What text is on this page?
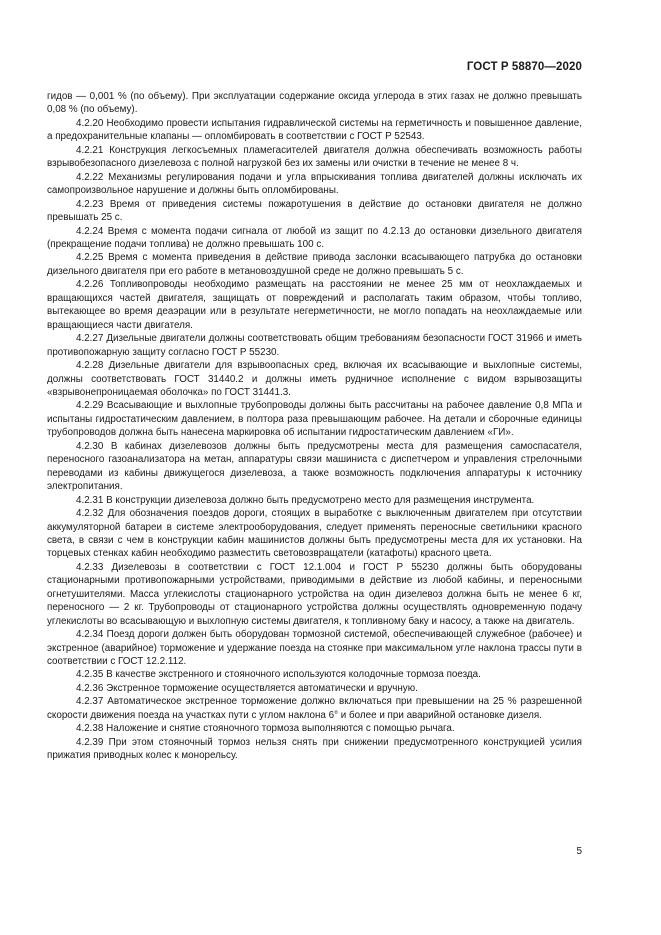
ГОСТ Р 58870—2020

гидов — 0,001 % (по объему). При эксплуатации содержание оксида углерода в этих газах не должно превышать 0,08 % (по объему).

4.2.20 Необходимо провести испытания гидравлической системы на герметичность и повышенное давление, а предохранительные клапаны — опломбировать в соответствии с ГОСТ Р 52543.

4.2.21 Конструкция легкосъемных пламегасителей двигателя должна обеспечивать возможность работы взрывобезопасного дизелевоза с полной нагрузкой без их замены или очистки в течение не менее 8 ч.

4.2.22 Механизмы регулирования подачи и угла впрыскивания топлива двигателей должны исключать их самопроизвольное нарушение и должны быть опломбированы.

4.2.23 Время от приведения системы пожаротушения в действие до остановки двигателя не должно превышать 25 с.

4.2.24 Время с момента подачи сигнала от любой из защит по 4.2.13 до остановки дизельного двигателя (прекращение подачи топлива) не должно превышать 100 с.

4.2.25 Время с момента приведения в действие привода заслонки всасывающего патрубка до остановки дизельного двигателя при его работе в метановоздушной среде не должно превышать 5 с.

4.2.26 Топливопроводы необходимо размещать на расстоянии не менее 25 мм от неохлаждаемых и вращающихся частей двигателя, защищать от повреждений и располагать таким образом, чтобы топливо, вытекающее во время деаэрации или в результате негерметичности, не могло попадать на неохлаждаемые или вращающиеся части двигателя.

4.2.27 Дизельные двигатели должны соответствовать общим требованиям безопасности ГОСТ 31966 и иметь противопожарную защиту согласно ГОСТ Р 55230.

4.2.28 Дизельные двигатели для взрывоопасных сред, включая их всасывающие и выхлопные системы, должны соответствовать ГОСТ 31440.2 и должны иметь рудничное исполнение с видом взрывозащиты «взрывонепроницаемая оболочка» по ГОСТ 31441.3.

4.2.29 Всасывающие и выхлопные трубопроводы должны быть рассчитаны на рабочее давление 0,8 МПа и испытаны гидростатическим давлением, в полтора раза превышающим рабочее. На детали и сборочные единицы трубопроводов должна быть нанесена маркировка об испытании гидростатическим давлением «ГИ».

4.2.30 В кабинах дизелевозов должны быть предусмотрены места для размещения самоспасателя, переносного газоанализатора на метан, аппаратуры связи машиниста с диспетчером и управления стрелочными переводами из кабины движущегося дизелевоза, а также возможность подключения аппаратуры к источнику электропитания.

4.2.31 В конструкции дизелевоза должно быть предусмотрено место для размещения инструмента.

4.2.32 Для обозначения поездов дороги, стоящих в выработке с выключенным двигателем при отсутствии аккумуляторной батареи в системе электрооборудования, следует применять переносные светильники красного света, в связи с чем в конструкции кабин машинистов должны быть предусмотрены места для их установки. На торцевых стенках кабин необходимо разместить световозвращатели (катафоты) красного цвета.

4.2.33 Дизелевозы в соответствии с ГОСТ 12.1.004 и ГОСТ Р 55230 должны быть оборудованы стационарными противопожарными устройствами, приводимыми в действие из любой кабины, и переносными огнетушителями. Масса углекислоты стационарного устройства на один дизелевоз должна быть не менее 6 кг, переносного — 2 кг. Трубопроводы от стационарного устройства должны осуществлять одновременную подачу углекислоты во всасывающую и выхлопную системы двигателя, к топливному баку и насосу, а также на двигатель.

4.2.34 Поезд дороги должен быть оборудован тормозной системой, обеспечивающей служебное (рабочее) и экстренное (аварийное) торможение и удержание поезда на стоянке при максимальном угле наклона трассы пути в соответствии с ГОСТ 12.2.112.

4.2.35 В качестве экстренного и стояночного используются колодочные тормоза поезда.

4.2.36 Экстренное торможение осуществляется автоматически и вручную.

4.2.37 Автоматическое экстренное торможение должно включаться при превышении на 25 % разрешенной скорости движения поезда на участках пути с углом наклона 6° и более и при аварийной остановке дизеля.

4.2.38 Наложение и снятие стояночного тормоза выполняются с помощью рычага.

4.2.39 При этом стояночный тормоз нельзя снять при снижении предусмотренного конструкцией усилия прижатия приводных колес к монорельсу.

5
